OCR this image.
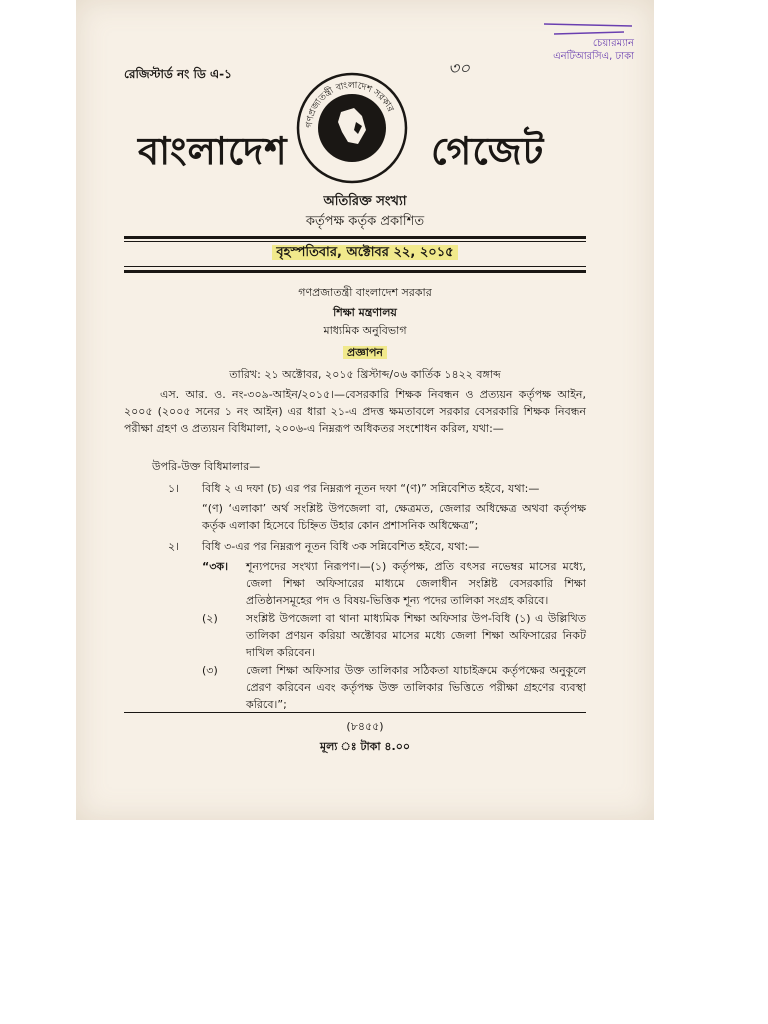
রেজিস্টার্ড নং ডি এ-১	৩০
চেয়ারম্যান
এনটিআরসিএ, ঢাকা
বাংলাদেশ
গণপ্রজাতন্ত্রী বাংলাদেশ সরকার
গেজেট
অতিরিক্ত সংখ্যা
কর্তৃপক্ষ কর্তৃক প্রকাশিত
বৃহস্পতিবার, অক্টোবর ২২, ২০১৫
গণপ্রজাতন্ত্রী বাংলাদেশ সরকার
শিক্ষা মন্ত্রণালয়
মাধ্যমিক অনুবিভাগ
প্রজ্ঞাপন
তারিখ: ২১ অক্টোবর, ২০১৫ খ্রিস্টাব্দ/০৬ কার্তিক ১৪২২ বঙ্গাব্দ
এস. আর. ও. নং-৩০৯-আইন/২০১৫।—বেসরকারি শিক্ষক নিবন্ধন ও প্রত্যয়ন কর্তৃপক্ষ আইন, ২০০৫ (২০০৫ সনের ১ নং আইন) এর ধারা ২১-এ প্রদত্ত ক্ষমতাবলে সরকার বেসরকারি শিক্ষক নিবন্ধন পরীক্ষা গ্রহণ ও প্রত্যয়ন বিধিমালা, ২০০৬-এ নিম্নরূপ অধিকতর সংশোধন করিল, যথা:—
উপরি-উক্ত বিধিমালার—
১। বিধি ২ এ দফা (চ) এর পর নিম্নরূপ নূতন দফা “(ণ)” সন্নিবেশিত হইবে, যথা:—
“(ণ) ‘এলাকা’ অর্থ সংশ্লিষ্ট উপজেলা বা, ক্ষেত্রমত, জেলার অধিক্ষেত্র অথবা কর্তৃপক্ষ কর্তৃক এলাকা হিসেবে চিহ্নিত উহার কোন প্রশাসনিক অধিক্ষেত্র”;
২। বিধি ৩-এর পর নিম্নরূপ নূতন বিধি ৩ক সন্নিবেশিত হইবে, যথা:—
“৩ক। শূন্যপদের সংখ্যা নিরূপণ।—(১) কর্তৃপক্ষ, প্রতি বৎসর নভেম্বর মাসের মধ্যে, জেলা শিক্ষা অফিসারের মাধ্যমে জেলাধীন সংশ্লিষ্ট বেসরকারি শিক্ষা প্রতিষ্ঠানসমূহের পদ ও বিষয়-ভিত্তিক শূন্য পদের তালিকা সংগ্রহ করিবে।
(২)	সংশ্লিষ্ট উপজেলা বা থানা মাধ্যমিক শিক্ষা অফিসার উপ-বিধি (১) এ উল্লিখিত তালিকা প্রণয়ন করিয়া অক্টোবর মাসের মধ্যে জেলা শিক্ষা অফিসারের নিকট দাখিল করিবেন।
(৩)	জেলা শিক্ষা অফিসার উক্ত তালিকার সঠিকতা যাচাইক্রমে কর্তৃপক্ষের অনুকূলে প্রেরণ করিবেন এবং কর্তৃপক্ষ উক্ত তালিকার ভিত্তিতে পরীক্ষা গ্রহণের ব্যবস্থা করিবে।”;
(৮৪৫৫)
মূল্য ঃ টাকা ৪.০০
